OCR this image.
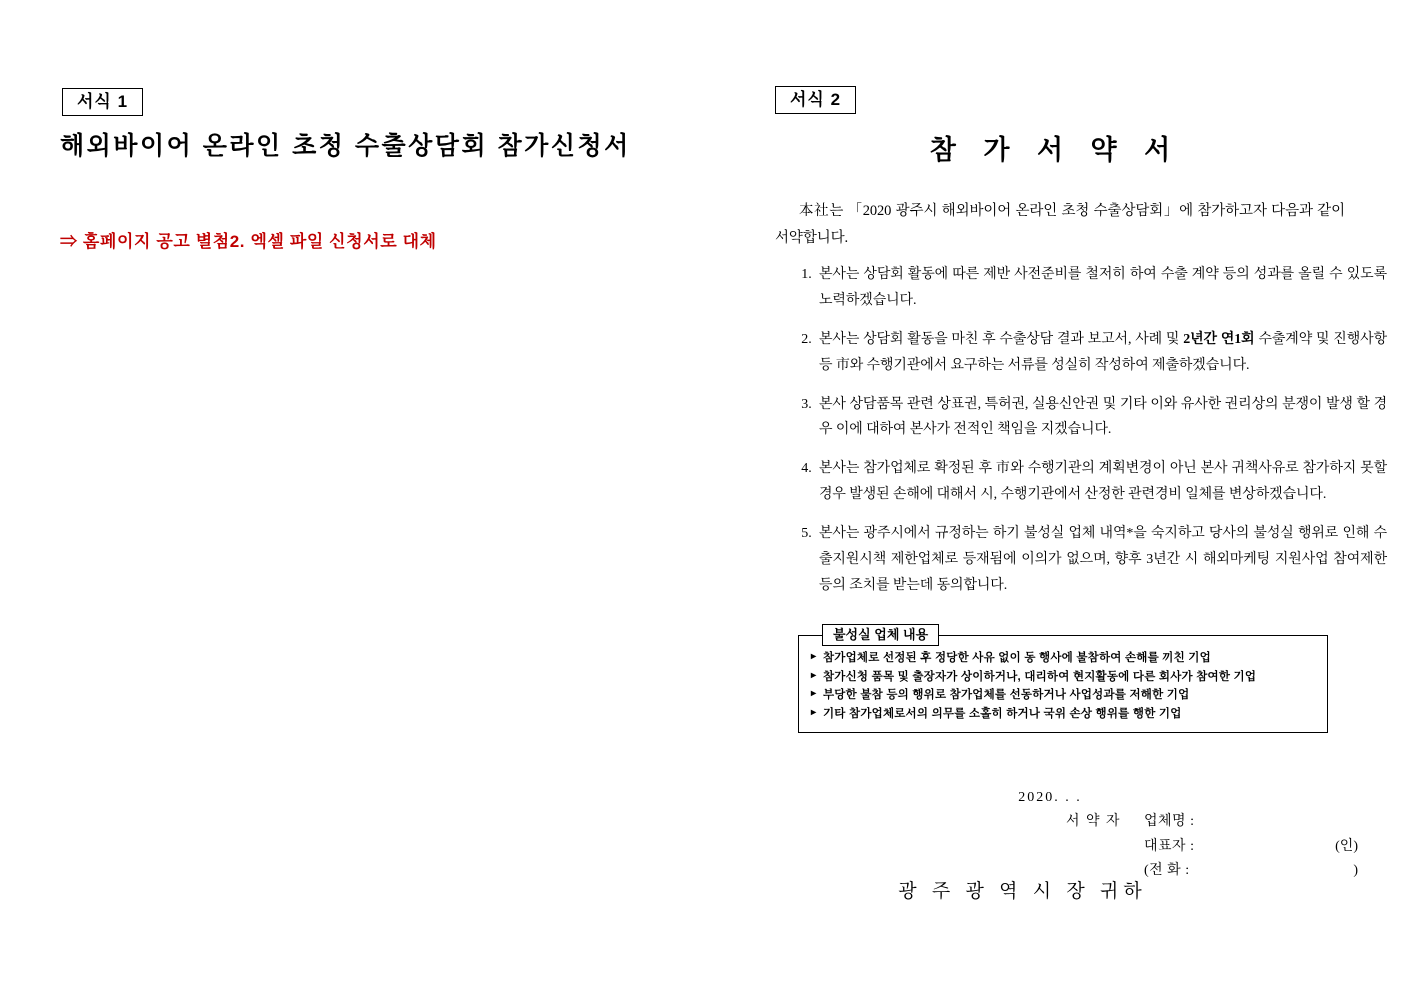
서식 1
해외바이어 온라인 초청 수출상담회 참가신청서
⇒ 홈페이지 공고 별첨2. 엑셀 파일 신청서로 대체
서식 2
참 가 서 약 서
本社는 「2020 광주시 해외바이어 온라인 초청 수출상담회」에 참가하고자 다음과 같이 서약합니다.
1. 본사는 상담회 활동에 따른 제반 사전준비를 철저히 하여 수출 계약 등의 성과를 올릴 수 있도록 노력하겠습니다.
2. 본사는 상담회 활동을 마친 후 수출상담 결과 보고서, 사례 및 2년간 연1회 수출계약 및 진행사항 등 市와 수행기관에서 요구하는 서류를 성실히 작성하여 제출하겠습니다.
3. 본사 상담품목 관련 상표권, 특허권, 실용신안권 및 기타 이와 유사한 권리상의 분쟁이 발생 할 경우 이에 대하여 본사가 전적인 책임을 지겠습니다.
4. 본사는 참가업체로 확정된 후 市와 수행기관의 계획변경이 아닌 본사 귀책사유로 참가하지 못할 경우 발생된 손해에 대해서 시, 수행기관에서 산정한 관련경비 일체를 변상하겠습니다.
5. 본사는 광주시에서 규정하는 하기 불성실 업체 내역*을 숙지하고 당사의 불성실 행위로 인해 수출지원시책 제한업체로 등재됨에 이의가 없으며, 향후 3년간 시 해외마케팅 지원사업 참여제한 등의 조치를 받는데 동의합니다.
▸ 참가업체로 선정된 후 정당한 사유 없이 동 행사에 불참하여 손해를 끼친 기업
▸ 참가신청 품목 및 출장자가 상이하거나, 대리하여 현지활동에 다른 회사가 참여한 기업
▸ 부당한 불참 등의 행위로 참가업체를 선동하거나 사업성과를 저해한 기업
▸ 기타 참가업체로서의 의무를 소홀히 하거나 국위 손상 행위를 행한 기업
불성실 업체 내용
2020. . .
서 약 자	업체명 :
대표자 :	(인)
(전 화 :	)
광 주 광 역 시 장 귀하
